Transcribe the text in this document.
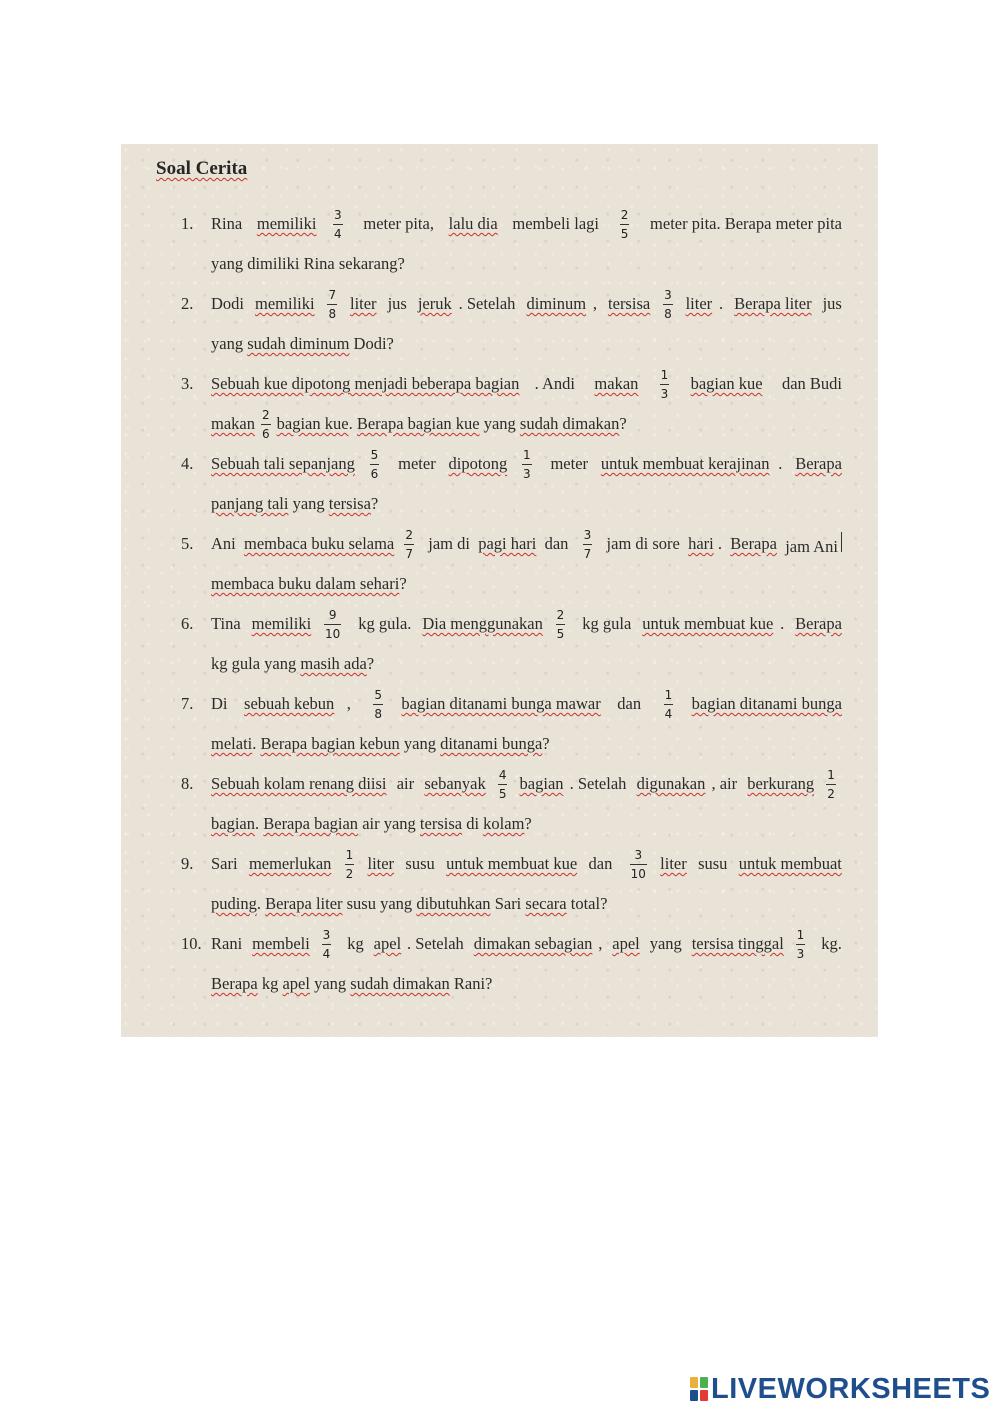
Soal Cerita
1. Rina memiliki $\frac{3}{4}$ meter pita, lalu dia membeli lagi $\frac{2}{5}$ meter pita. Berapa meter pita
yang dimiliki Rina sekarang?
2. Dodi memiliki $\frac{7}{8}$ liter jus jeruk . Setelah diminum , tersisa $\frac{3}{8}$ liter . Berapa liter jus
yang sudah diminum Dodi?
3. Sebuah kue dipotong menjadi beberapa bagian . Andi makan $\frac{1}{3}$ bagian kue dan Budi
makan $\frac{2}{6}$ bagian kue . Berapa bagian kue yang sudah dimakan ?
4. Sebuah tali sepanjang $\frac{5}{6}$ meter dipotong $\frac{1}{3}$ meter untuk membuat kerajinan . Berapa
panjang tali yang tersisa ?
5. Ani membaca buku selama $\frac{2}{7}$ jam di pagi hari dan $\frac{3}{7}$ jam di sore hari . Berapa jam Ani
membaca buku dalam sehari ?
6. Tina memiliki $\frac{9}{10}$ kg gula. Dia menggunakan $\frac{2}{5}$ kg gula untuk membuat kue . Berapa
kg gula yang masih ada ?
7. Di sebuah kebun , $\frac{5}{8}$ bagian ditanami bunga mawar dan $\frac{1}{4}$ bagian ditanami bunga
melati . Berapa bagian kebun yang ditanami bunga ?
8. Sebuah kolam renang diisi air sebanyak $\frac{4}{5}$ bagian . Setelah digunakan , air berkurang $\frac{1}{2}$
bagian . Berapa bagian air yang tersisa di kolam ?
9. Sari memerlukan $\frac{1}{2}$ liter susu untuk membuat kue dan $\frac{3}{10}$ liter susu untuk membuat
puding . Berapa liter susu yang dibutuhkan Sari secara total?
10. Rani membeli $\frac{3}{4}$ kg apel . Setelah dimakan sebagian , apel yang tersisa tinggal $\frac{1}{3}$ kg.
Berapa kg apel yang sudah dimakan Rani?
LIVEWORKSHEETS
